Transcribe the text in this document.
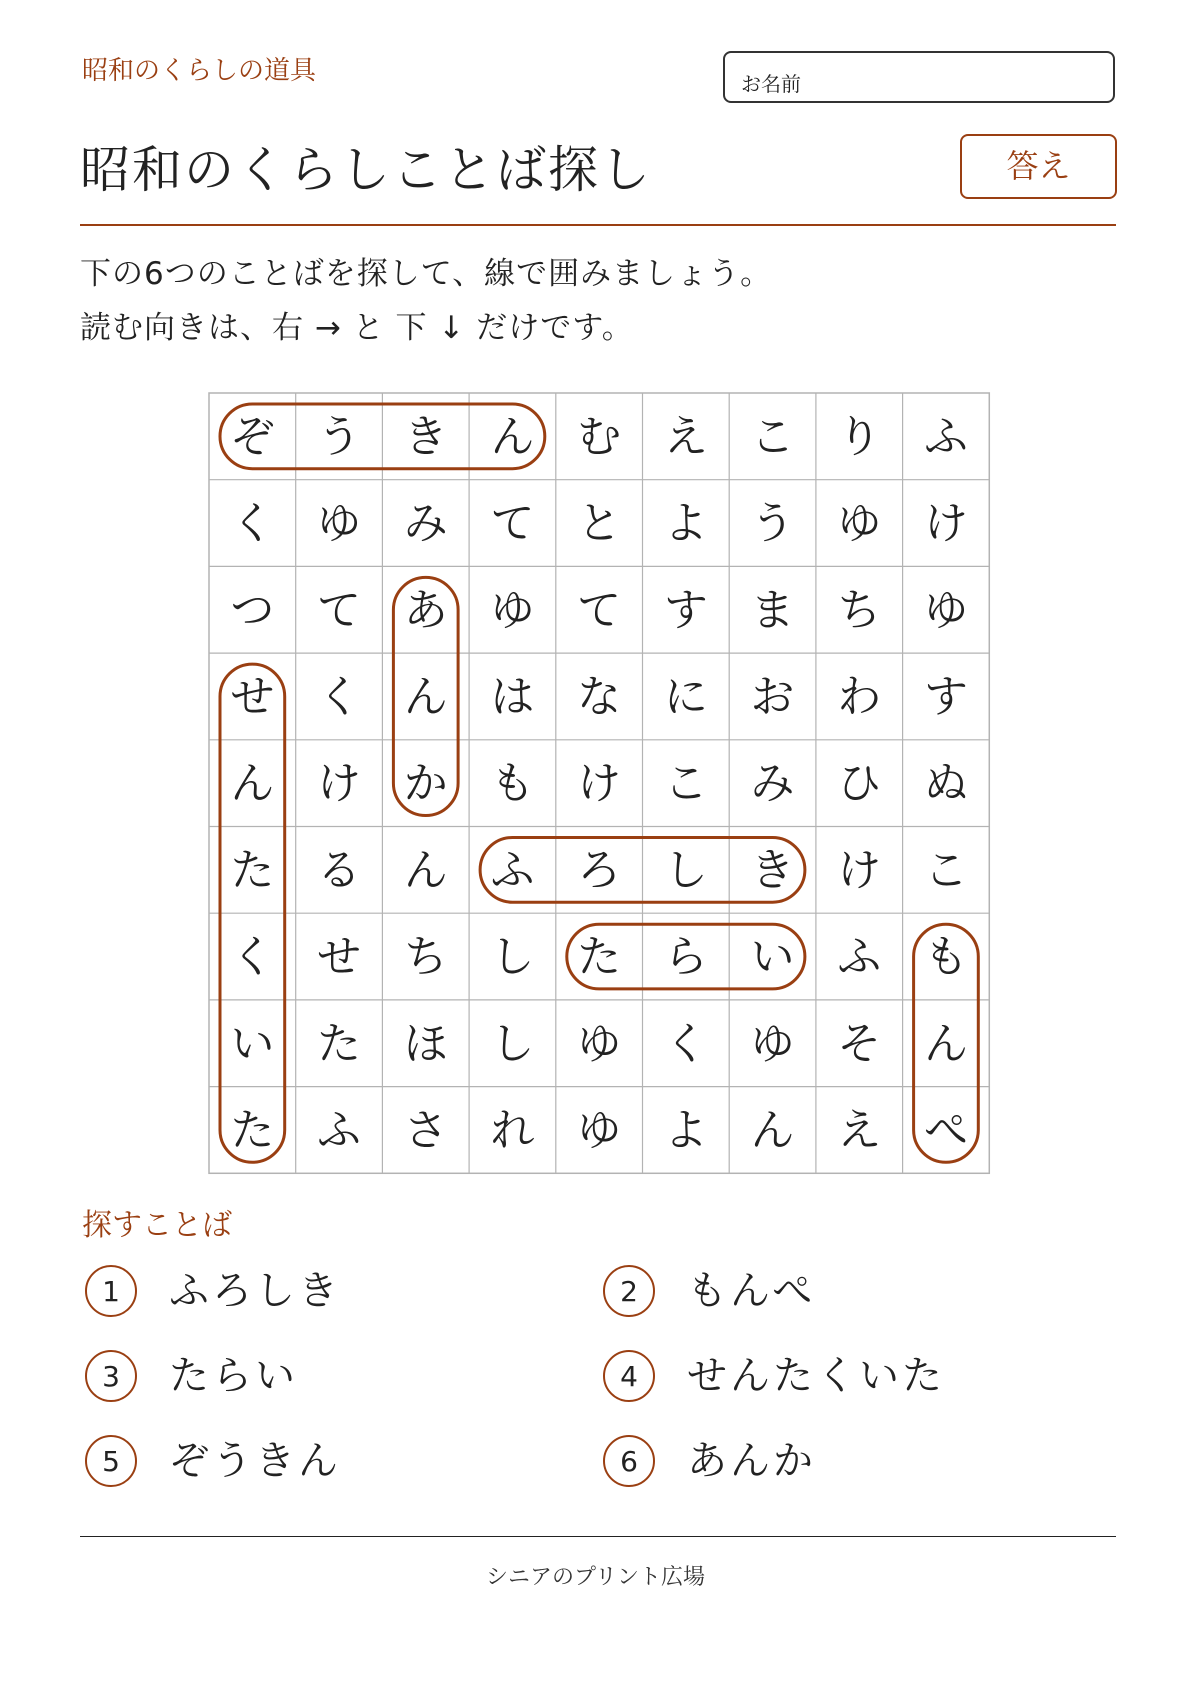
昭和のくらしの道具	お名前
昭和のくらしことば探し	答え
下の6つのことばを探して、線で囲みましょう。
読む向きは、右 → と 下 ↓ だけです。
ぞ う き ん む え こ り ふ
く ゆ み て と よ う ゆ け
つ て あ ゆ て す ま ち ゆ
せ く ん は な に お わ す
ん け か も け こ み ひ ぬ
た る ん ふ ろ し き け こ
く せ ち し た ら い ふ も
い た ほ し ゆ く ゆ そ ん
た ふ さ れ ゆ よ ん え ぺ
探すことば
1	ふろしき	2	もんぺ
3	たらい	4	せんたくいた
5	ぞうきん	6	あんか
シニアのプリント広場
